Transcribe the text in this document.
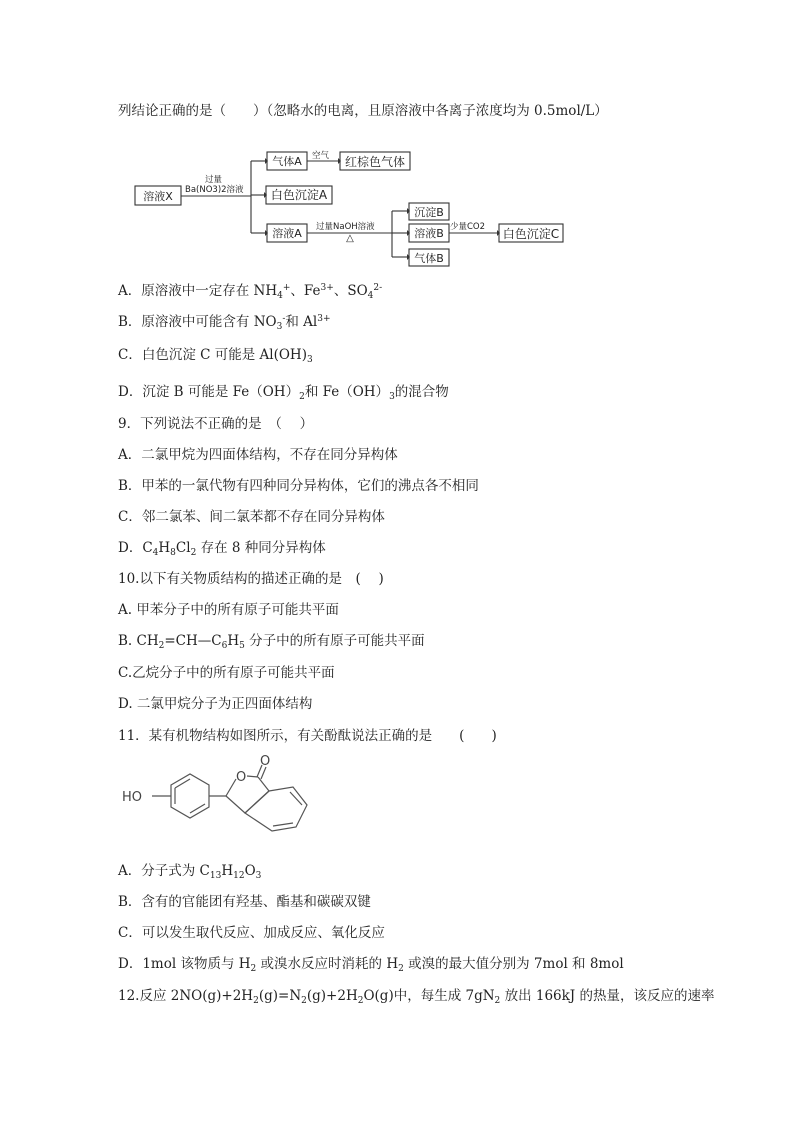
列结论正确的是（　　）（忽略水的电离，且原溶液中各离子浓度均为 0.5mol/L）
溶液X
气体A	红棕色气体
白色沉淀A
溶液A
沉淀B
溶液B
气体B
白色沉淀C
过量
Ba(NO3)2溶液
空气
过量NaOH溶液	少量CO2
△
A．原溶液中一定存在 $NH_4^+$、$Fe^{3+}$、$SO_4^{2-}$
B．原溶液中可能含有 $NO_3^-$和 $Al^{3+}$
C．白色沉淀 C 可能是 $Al(OH)_3$
D．沉淀 B 可能是 $Fe(OH)_2$和 $Fe(OH)_3$的混合物
9．下列说法不正确的是　（　 ）
A．二氯甲烷为四面体结构，不存在同分异构体
B．甲苯的一氯代物有四种同分异构体，它们的沸点各不相同
C．邻二氯苯、间二氯苯都不存在同分异构体
D．$C_4H_8Cl_2$ 存在 8 种同分异构体
10.以下有关物质结构的描述正确的是　(　 )
A. 甲苯分子中的所有原子可能共平面
B. $CH_2=CH—C_6H_5$ 分子中的所有原子可能共平面
C.乙烷分子中的所有原子可能共平面
D. 二氯甲烷分子为正四面体结构
11．某有机物结构如图所示，有关酚酞说法正确的是　　(　　)
HO
O
O
A．分子式为 $C_{13}H_{12}O_3$
B．含有的官能团有羟基、酯基和碳碳双键
C．可以发生取代反应、加成反应、氧化反应
D．1mol 该物质与 $H_2$ 或溴水反应时消耗的 $H_2$ 或溴的最大值分别为 7mol 和 8mol
12.反应 $2NO(g)+2H_2(g)=N_2(g)+2H_2O(g)$中，每生成 $7gN_2$ 放出 166kJ 的热量，该反应的速率
